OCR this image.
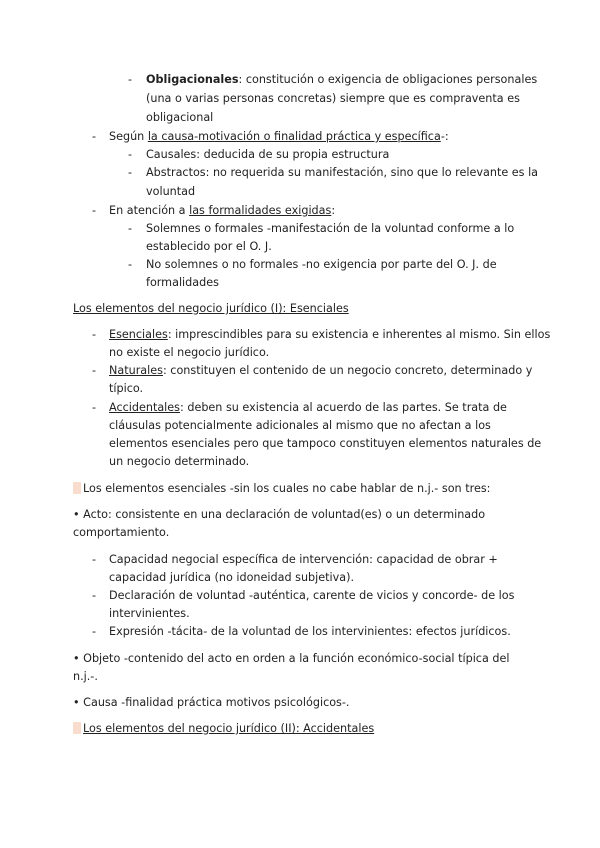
- Obligacionales: constitución o exigencia de obligaciones personales
(una o varias personas concretas) siempre que es compraventa es
obligacional
- Según la causa-motivación o finalidad práctica y específica-:
- Causales: deducida de su propia estructura
- Abstractos: no requerida su manifestación, sino que lo relevante es la
voluntad
- En atención a las formalidades exigidas:
- Solemnes o formales -manifestación de la voluntad conforme a lo
establecido por el O. J.
- No solemnes o no formales -no exigencia por parte del O. J. de
formalidades
Los elementos del negocio jurídico (I): Esenciales
- Esenciales: imprescindibles para su existencia e inherentes al mismo. Sin ellos
no existe el negocio jurídico.
- Naturales: constituyen el contenido de un negocio concreto, determinado y
típico.
- Accidentales: deben su existencia al acuerdo de las partes. Se trata de
cláusulas potencialmente adicionales al mismo que no afectan a los
elementos esenciales pero que tampoco constituyen elementos naturales de
un negocio determinado.
Los elementos esenciales -sin los cuales no cabe hablar de n.j.- son tres:
• Acto: consistente en una declaración de voluntad(es) o un determinado
comportamiento.
- Capacidad negocial específica de intervención: capacidad de obrar +
capacidad jurídica (no idoneidad subjetiva).
- Declaración de voluntad -auténtica, carente de vicios y concorde- de los
intervinientes.
- Expresión -tácita- de la voluntad de los intervinientes: efectos jurídicos.
• Objeto -contenido del acto en orden a la función económico-social típica del
n.j.-.
• Causa -finalidad práctica motivos psicológicos-.
Los elementos del negocio jurídico (II): Accidentales
